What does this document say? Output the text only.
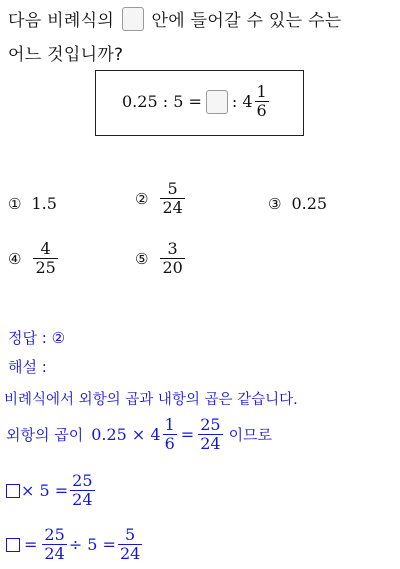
다음 비례식의 안에 들어갈 수 있는 수는
어느 것입니까?
0.25 : 5 = : $4 \frac{1}{6}$
① 1.5	② $\frac{5}{24}$	③ 0.25
④ $\frac{4}{25}$	⑤ $\frac{3}{20}$
정답 : ②
해설 :
비례식에서 외항의 곱과 내항의 곱은 같습니다.
외항의 곱이 $0.25 \times 4 \frac{1}{6} = \frac{25}{24}$ 이므로
× $5 = \frac{25}{24}$
= $\frac{25}{24} \div 5 = \frac{5}{24}$
